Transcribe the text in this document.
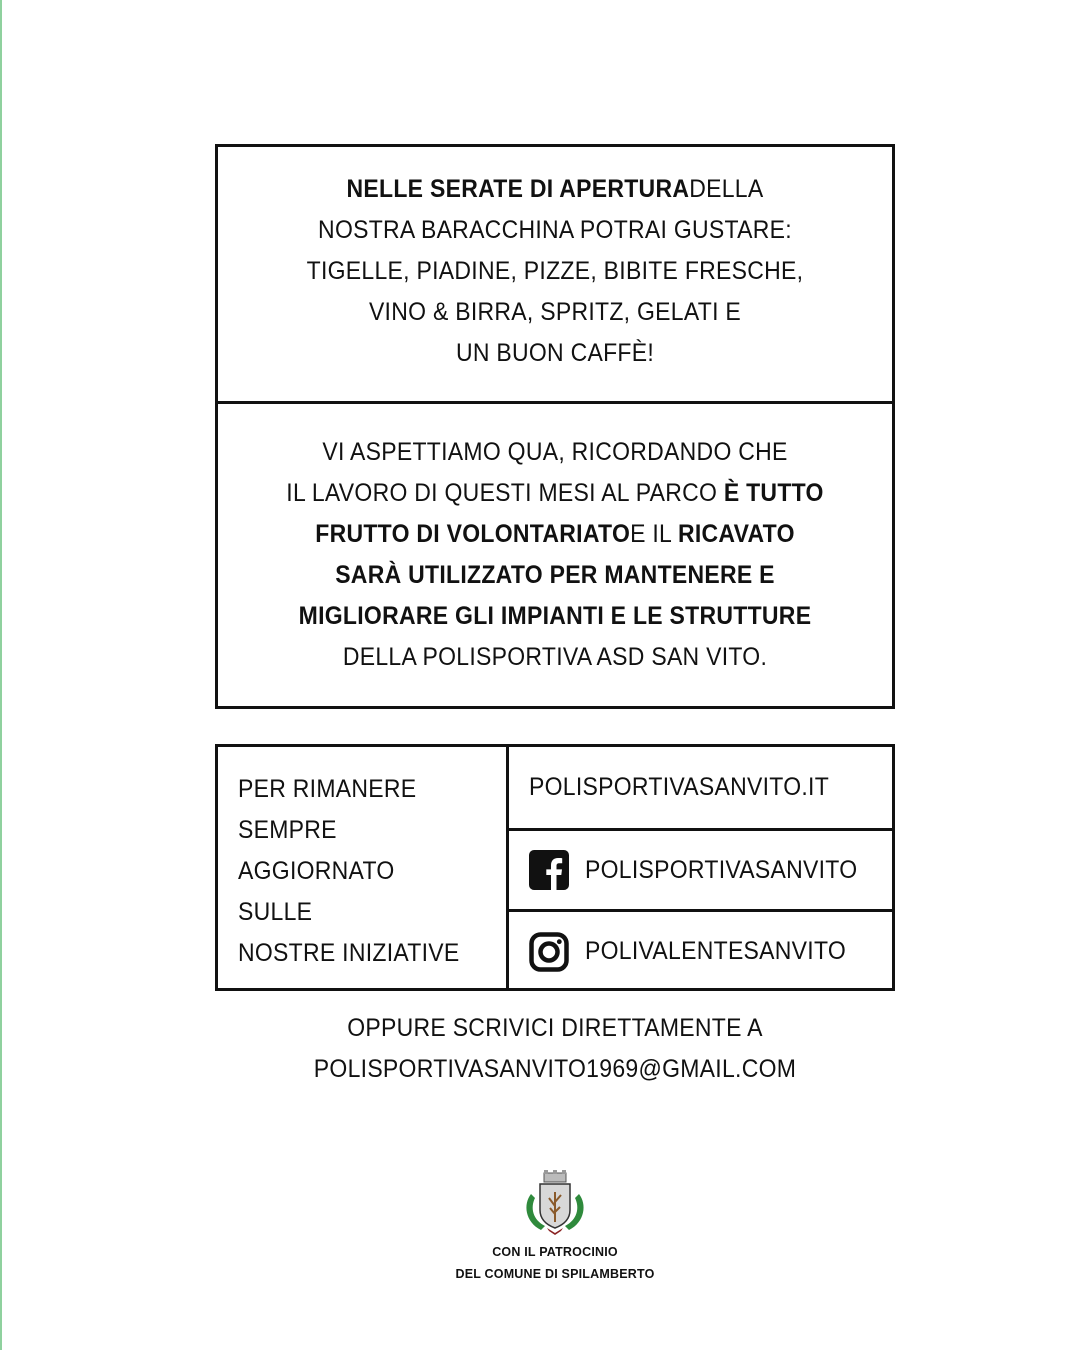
NELLE SERATE DI APERTURADELLA
NOSTRA BARACCHINA POTRAI GUSTARE:
TIGELLE, PIADINE, PIZZE, BIBITE FRESCHE,
VINO & BIRRA, SPRITZ, GELATI E
UN BUON CAFFÈ!
VI ASPETTIAMO QUA, RICORDANDO CHE
IL LAVORO DI QUESTI MESI AL PARCO È TUTTO
FRUTTO DI VOLONTARIATOE IL RICAVATO
SARÀ UTILIZZATO PER MANTENERE E
MIGLIORARE GLI IMPIANTI E LE STRUTTURE
DELLA POLISPORTIVA ASD SAN VITO.
PER RIMANERE
SEMPRE
AGGIORNATO
SULLE
NOSTRE INIZIATIVE
POLISPORTIVASANVITO.IT
POLISPORTIVASANVITO
POLIVALENTESANVITO
OPPURE SCRIVICI DIRETTAMENTE A
POLISPORTIVASANVITO1969@GMAIL.COM
CON IL PATROCINIO
DEL COMUNE DI SPILAMBERTO
